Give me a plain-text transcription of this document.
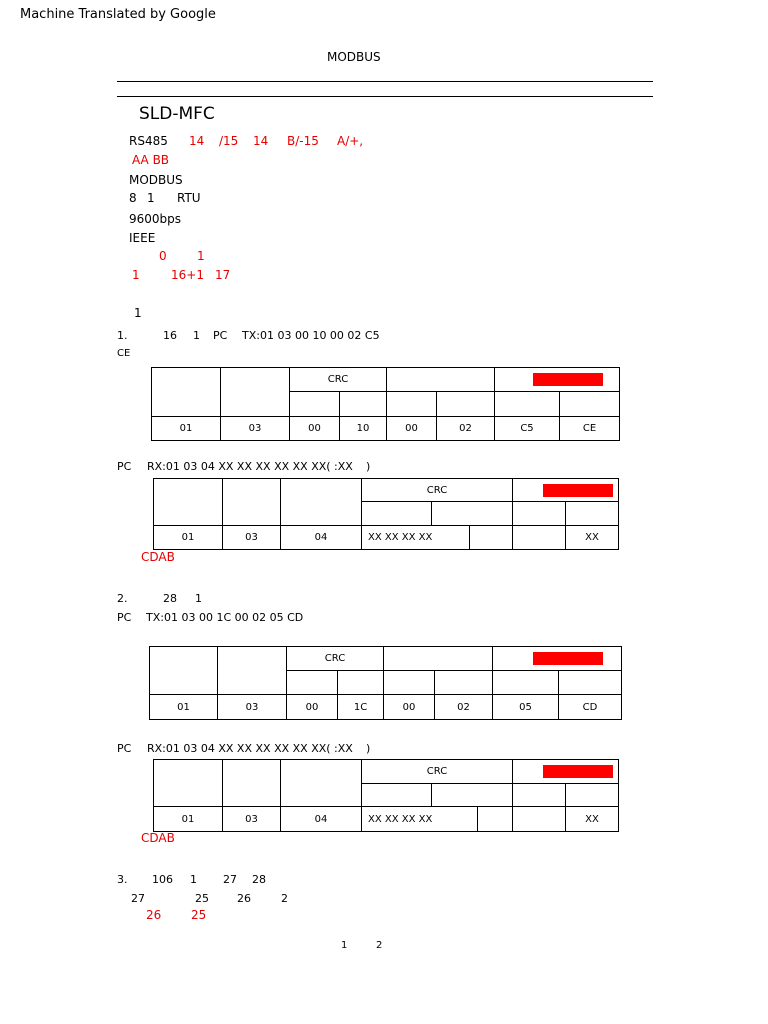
Machine Translated by Google
MODBUS
SLD-MFC
RS485 14 /15 14 B/-15 A/+,
AA BB
MODBUS
8 1 RTU
9600bps
IEEE
0	1
1	16+1 17
1
1.	16 1 PC TX:01 03 00 10 00 02 C5
CE
		CRC					

01	03	00	10	00	02	C5	CE
PC RX:01 03 04 XX XX XX XX XX XX( :XX )
			CRC				

01	03	04	XX XX XX XX				XX
CDAB
2.	28 1
PC TX:01 03 00 1C 00 02 05 CD
		CRC					

01	03	00	1C	00	02	05	CD
PC RX:01 03 04 XX XX XX XX XX XX( :XX )
			CRC				

01	03	04	XX XX XX XX				XX
CDAB
3. 106 1 27 28
27	25	26	2
26 25
1	2
